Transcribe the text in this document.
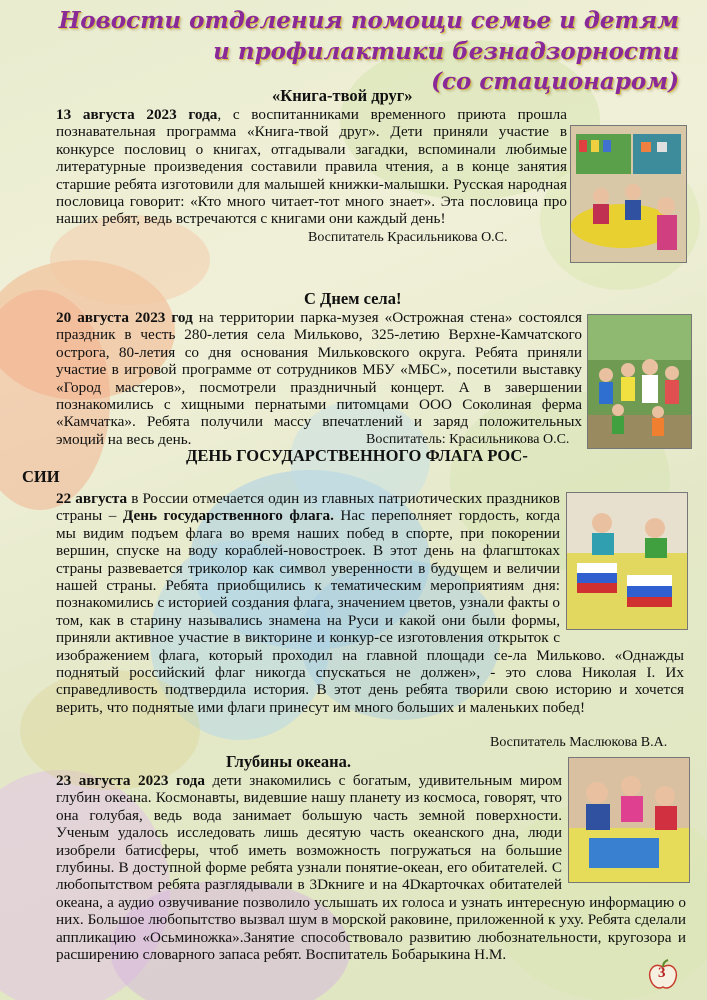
Новости отделения помощи семье и детям
и профилактики безнадзорности
(со стационаром)
«Книга-твой друг»

13 августа 2023 года, с воспитанниками временного приюта прошла познавательная программа «Книга-твой друг». Дети приняли участие в конкурсе пословиц о книгах, отгадывали загадки, вспоминали любимые литературные произведения составили правила чтения, а в конце занятия старшие ребята изготовили для малышей книжки-малышки. Русская народная пословица говорит: «Кто много читает-тот много знает». Эта пословица про наших ребят, ведь встречаются с книгами они каждый день!

Воспитатель Красильникова О.С.
С Днем села!

20 августа 2023 год на территории парка-музея «Острожная стена» состоялся праздник в честь 280-летия села Мильково, 325-летию Верхне-Камчатского острога, 80-летия со дня основания Мильковского округа. Ребята приняли участие в игровой программе от сотрудников МБУ «МБС», посетили выставку «Город мастеров», посмотрели праздничный концерт. А в завершении познакомились с хищными пернатыми питомцами ООО Соколиная ферма «Камчатка». Ребята получили массу впечатлений и заряд положительных эмоций на весь день.	Воспитатель: Красильникова О.С.
ДЕНЬ ГОСУДАРСТВЕННОГО ФЛАГА РОС-
СИИ

22 августа в России отмечается один из главных патриотических праздников страны – День государственного флага. Нас переполняет гордость, когда мы видим подъем флага во время наших побед в спорте, при покорении вершин, спуске на воду кораблей-новостроек. В этот день на флагштоках страны развевается триколор как символ уверенности в будущем и величии нашей страны. Ребята приобщились к тематическим мероприятиям дня: познакомились с историей создания флага, значением цветов, узнали факты о том, как в старину назывались знамена на Руси и какой они были формы, приняли активное участие в викторине и конкур-се изготовления открыток с изображением флага, который проходил на главной площади се-ла Мильково. «Однажды поднятый российский флаг никогда спускаться не должен», - это слова Николая I. Их справедливость подтвердила история. В этот день ребята творили свою историю и хочется верить, что поднятые ими флаги принесут им много больших и маленьких побед!

Воспитатель Маслюкова В.А.
Глубины океана.

23 августа 2023 года дети знакомились с богатым, удивительным миром глубин океана. Космонавты, видевшие нашу планету из космоса, говорят, что она голубая, ведь вода занимает большую часть земной поверхности. Ученым удалось исследовать лишь десятую часть океанского дна, люди изобрели батисферы, чтоб иметь возможность погружаться на большие глубины. В доступной форме ребята узнали понятие-океан, его обитателей. С любопытством ребята разглядывали в 3Dкниге и на 4Dкарточках обитателей океана, а аудио озвучивание позволило услышать их голоса и узнать интересную информацию о них. Большое любопытство вызвал шум в морской раковине, приложенной к уху. Ребята сделали аппликацию «Осьминожка».Занятие способствовало развитию любознательности, кругозора и расширению словарного запаса ребят. Воспитатель Бобарыкина Н.М.

3
